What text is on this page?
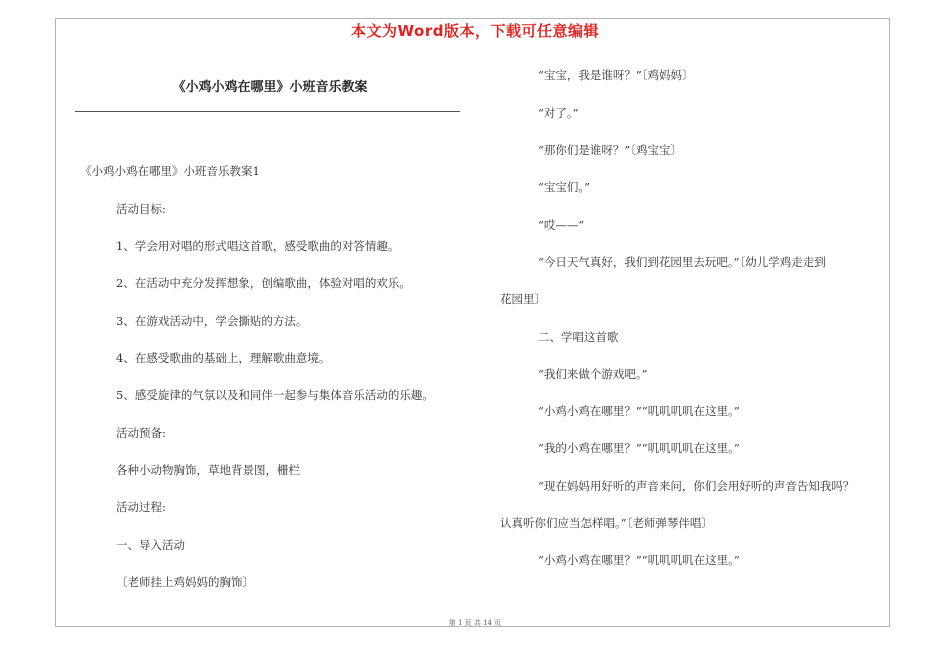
本文为Word版本，下载可任意编辑
《小鸡小鸡在哪里》小班音乐教案
《小鸡小鸡在哪里》小班音乐教案1
活动目标:
1、学会用对唱的形式唱这首歌，感受歌曲的对答情趣。
2、在活动中充分发挥想象，创编歌曲，体验对唱的欢乐。
3、在游戏活动中，学会撕贴的方法。
4、在感受歌曲的基础上，理解歌曲意境。
5、感受旋律的气氛以及和同伴一起参与集体音乐活动的乐趣。
活动预备:
各种小动物胸饰，草地背景图，栅栏
活动过程:
一、导入活动
〔老师挂上鸡妈妈的胸饰〕
“宝宝，我是谁呀？”〔鸡妈妈〕
“对了。”
“那你们是谁呀？”〔鸡宝宝〕
“宝宝们。”
“哎——”
“今日天气真好，我们到花园里去玩吧。”〔幼儿学鸡走走到
花园里〕
二、学唱这首歌
“我们来做个游戏吧。”
“小鸡小鸡在哪里？”“叽叽叽叽在这里。”
“我的小鸡在哪里？”“叽叽叽叽在这里。”
“现在妈妈用好听的声音来问，你们会用好听的声音告知我吗？
认真听你们应当怎样唱。”〔老师弹琴伴唱〕
“小鸡小鸡在哪里？”“叽叽叽叽在这里。”
第 1 页 共 14 页
